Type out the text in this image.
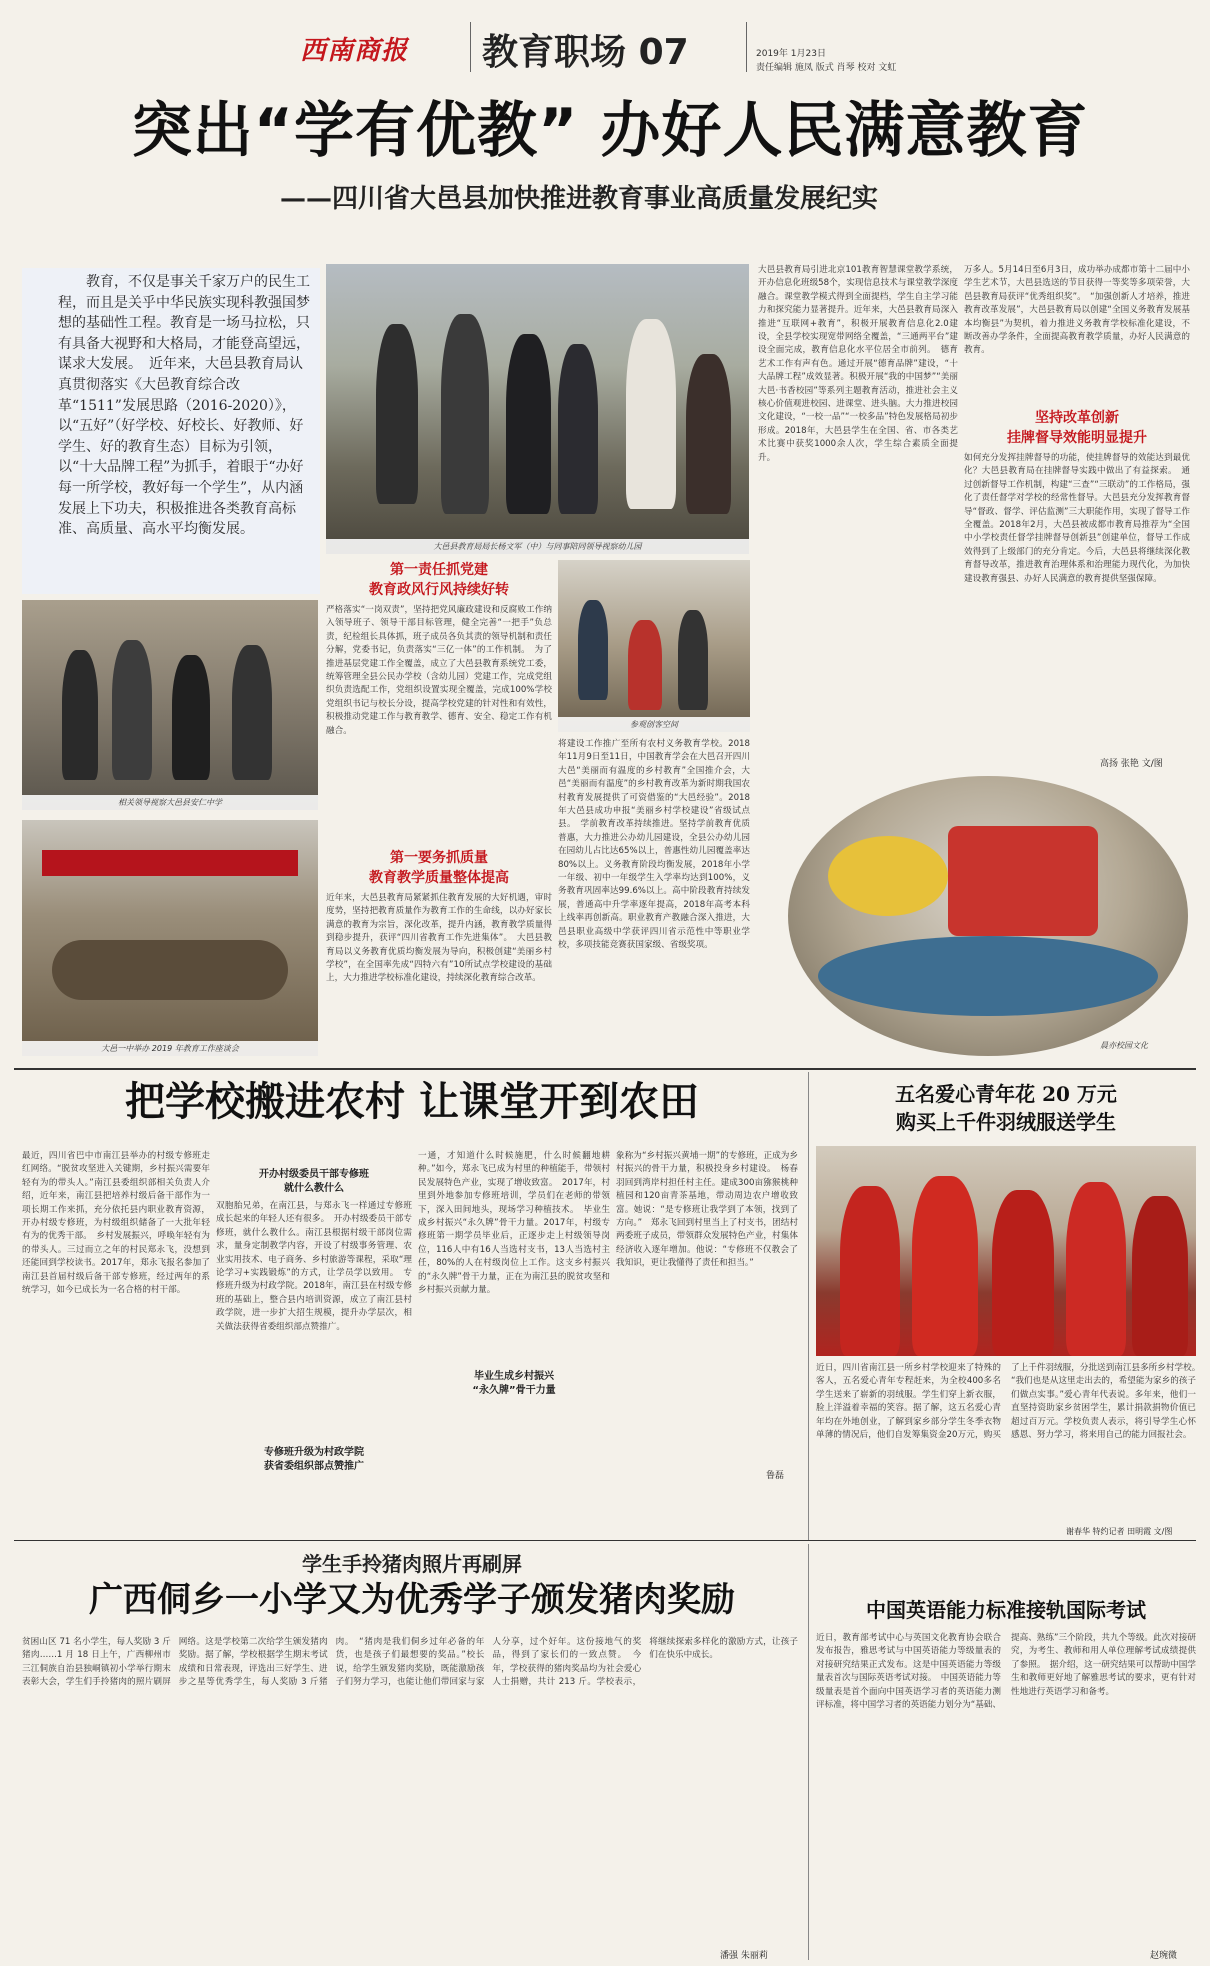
西南商报 教育职场 07	2019年 1月23日
责任编辑 施凤 版式 肖琴 校对 文虹
突出“学有优教” 办好人民满意教育
——四川省大邑县加快推进教育事业高质量发展纪实
教育，不仅是事关千家万户的民生工程，而且是关乎中华民族实现科教强国梦想的基础性工程。教育是一场马拉松，只有具备大视野和大格局，才能登高望远，谋求大发展。　近年来，大邑县教育局认真贯彻落实《大邑教育综合改革“1511”发展思路（2016-2020）》，以“五好”（好学校、好校长、好教师、好学生、好的教育生态）目标为引领，以“十大品牌工程”为抓手，着眼于“办好每一所学校，教好每一个学生”，从内涵发展上下功夫，积极推进各类教育高标准、高质量、高水平均衡发展。
大邑县教育局局长杨文军（中）与同事陪同领导视察幼儿园
第一责任抓党建
教育政风行风持续好转
严格落实“一岗双责”，坚持把党风廉政建设和反腐败工作纳入领导班子、领导干部目标管理，健全完善“一把手”负总责，纪检组长具体抓，班子成员各负其责的领导机制和责任分解，党委书记，负责落实“三亿一体”的工作机制。　为了推进基层党建工作全覆盖，成立了大邑县教育系统党工委，统筹管理全县公民办学校（含幼儿园）党建工作，完成党组织负责选配工作，党组织设置实现全覆盖，完成100%学校党组织书记与校长分设，提高学校党建的针对性和有效性，积极推动党建工作与教育教学、德育、安全、稳定工作有机融合。
相关领导视察大邑县安仁中学
大邑一中举办 2019 年教育工作座谈会
参观创客空间
第一要务抓质量
教育教学质量整体提高
近年来，大邑县教育局紧紧抓住教育发展的大好机遇，审时度势，坚持把教育质量作为教育工作的生命线，以办好家长满意的教育为宗旨，深化改革，提升内涵，教育教学质量得到稳步提升，获评“四川省教育工作先进集体”。　大邑县教育局以义务教育优质均衡发展为导向，积极创建“美丽乡村学校”，在全国率先成“四特六有”10所试点学校建设的基础上，大力推进学校标准化建设，持续深化教育综合改革。
将建设工作推广至所有农村义务教育学校。2018年11月9日至11日，中国教育学会在大邑召开四川大邑“美丽而有温度的乡村教育”全国推介会，大邑“美丽而有温度”的乡村教育改革为新时期我国农村教育发展提供了可资借鉴的“大邑经验”。2018年大邑县成功申报“美丽乡村学校建设”省级试点县。　学前教育改革持续推进。坚持学前教育优质普惠，大力推进公办幼儿园建设，全县公办幼儿园在园幼儿占比达65%以上，普惠性幼儿园覆盖率达80%以上。义务教育阶段均衡发展，2018年小学一年级、初中一年级学生入学率均达到100%，义务教育巩固率达99.6%以上。高中阶段教育持续发展，普通高中升学率逐年提高，2018年高考本科上线率再创新高。职业教育产教融合深入推进，大邑县职业高级中学获评四川省示范性中等职业学校，多项技能竞赛获国家级、省级奖项。
大邑县教育局引进北京101教育智慧课堂教学系统，开办信息化班级58个，实现信息技术与课堂教学深度融合。课堂教学模式得到全面提档，学生自主学习能力和探究能力显著提升。近年来，大邑县教育局深入推进“互联网+教育”，积极开展教育信息化2.0建设，全县学校实现宽带网络全覆盖，“三通两平台”建设全面完成，教育信息化水平位居全市前列。　德育艺术工作有声有色。通过开展“德育品牌”建设，“十大品牌工程”成效显著。积极开展“我的中国梦”“美丽大邑·书香校园”等系列主题教育活动，推进社会主义核心价值观进校园、进课堂、进头脑。大力推进校园文化建设，“一校一品”“一校多品”特色发展格局初步形成。2018年，大邑县学生在全国、省、市各类艺术比赛中获奖1000余人次，学生综合素质全面提升。
万多人。5月14日至6月3日，成功举办成都市第十二届中小学生艺术节，大邑县选送的节目获得一等奖等多项荣誉，大邑县教育局获评“优秀组织奖”。　“加强创新人才培养，推进教育改革发展”，大邑县教育局以创建“全国义务教育发展基本均衡县”为契机，着力推进义务教育学校标准化建设，不断改善办学条件，全面提高教育教学质量，办好人民满意的教育。
坚持改革创新
挂牌督导效能明显提升
如何充分发挥挂牌督导的功能，使挂牌督导的效能达到最优化？大邑县教育局在挂牌督导实践中做出了有益探索。　通过创新督导工作机制，构建“三查”“三联动”的工作格局，强化了责任督学对学校的经常性督导。大邑县充分发挥教育督导“督政、督学、评估监测”三大职能作用，实现了督导工作全覆盖。2018年2月，大邑县被成都市教育局推荐为“全国中小学校责任督学挂牌督导创新县”创建单位，督导工作成效得到了上级部门的充分肯定。今后，大邑县将继续深化教育督导改革，推进教育治理体系和治理能力现代化，为加快建设教育强县、办好人民满意的教育提供坚强保障。
高扬 张艳 文/图
晨亦校园文化
把学校搬进农村 让课堂开到农田
最近，四川省巴中市南江县举办的村级专修班走红网络。“脱贫攻坚进入关键期，乡村振兴需要年轻有为的带头人。”南江县委组织部相关负责人介绍，近年来，南江县把培养村级后备干部作为一项长期工作来抓，充分依托县内职业教育资源，开办村级专修班，为村级组织储备了一大批年轻有为的优秀干部。　乡村发展振兴，呼唤年轻有为的带头人。三过而立之年的村民郑永飞，没想到还能回到学校读书。2017年，郑永飞报名参加了南江县首届村级后备干部专修班，经过两年的系统学习，如今已成长为一名合格的村干部。
开办村级委员干部专修班
就什么教什么
双胞胎兄弟，在南江县，与郑永飞一样通过专修班成长起来的年轻人还有很多。　开办村级委员干部专修班，就什么教什么。南江县根据村级干部岗位需求，量身定制教学内容，开设了村级事务管理、农业实用技术、电子商务、乡村旅游等课程，采取“理论学习+实践锻炼”的方式，让学员学以致用。　专修班升级为村政学院。2018年，南江县在村级专修班的基础上，整合县内培训资源，成立了南江县村政学院，进一步扩大招生规模，提升办学层次，相关做法获得省委组织部点赞推广。
专修班升级为村政学院
获省委组织部点赞推广
一通，才知道什么时候施肥，什么时候翻地耕种。”如今，郑永飞已成为村里的种植能手，带领村民发展特色产业，实现了增收致富。　2017年，村里到外地参加专修班培训，学员们在老师的带领下，深入田间地头，现场学习种植技术。　毕业生成乡村振兴“永久牌”骨干力量。2017年，村级专修班第一期学员毕业后，正逐步走上村级领导岗位，116人中有16人当选村支书，13人当选村主任，80%的人在村级岗位上工作。这支乡村振兴的“永久牌”骨干力量，正在为南江县的脱贫攻坚和乡村振兴贡献力量。
毕业生成乡村振兴
“永久牌”骨干力量
象称为“乡村振兴黄埔一期”的专修班，正成为乡村振兴的骨干力量，积极投身乡村建设。　杨春羽回到湾岸村担任村主任。建成300亩猕猴桃种植园和120亩青茶基地，带动周边农户增收致富。她说：“是专修班让我学到了本领，找到了方向。”　郑永飞回到村里当上了村支书，团结村两委班子成员，带领群众发展特色产业，村集体经济收入逐年增加。他说：“专修班不仅教会了我知识，更让我懂得了责任和担当。”
鲁磊
五名爱心青年花 20 万元
购买上千件羽绒服送学生
近日，四川省南江县一所乡村学校迎来了特殊的客人，五名爱心青年专程赶来，为全校400多名学生送来了崭新的羽绒服。学生们穿上新衣服，脸上洋溢着幸福的笑容。据了解，这五名爱心青年均在外地创业，了解到家乡部分学生冬季衣物单薄的情况后，他们自发筹集资金20万元，购买了上千件羽绒服，分批送到南江县多所乡村学校。　“我们也是从这里走出去的，希望能为家乡的孩子们做点实事。”爱心青年代表说。多年来，他们一直坚持资助家乡贫困学生，累计捐款捐物价值已超过百万元。学校负责人表示，将引导学生心怀感恩、努力学习，将来用自己的能力回报社会。
谢春华 特约记者 田明霞 文/图
学生手拎猪肉照片再刷屏
广西侗乡一小学又为优秀学子颁发猪肉奖励
贫困山区 71 名小学生，每人奖励 3 斤猪肉……1 月 18 日上午，广西柳州市三江侗族自治县独峒镇初小学举行期末表彰大会，学生们手拎猪肉的照片刷屏网络。这是学校第二次给学生颁发猪肉奖励。据了解，学校根据学生期末考试成绩和日常表现，评选出三好学生、进步之星等优秀学生，每人奖励 3 斤猪肉。　“猪肉是我们侗乡过年必备的年货，也是孩子们最想要的奖品。”校长说，给学生颁发猪肉奖励，既能激励孩子们努力学习，也能让他们带回家与家人分享，过个好年。这份接地气的奖品，得到了家长们的一致点赞。　今年，学校获得的猪肉奖品均为社会爱心人士捐赠，共计 213 斤。学校表示，将继续探索多样化的激励方式，让孩子们在快乐中成长。
潘强 朱丽莉
中国英语能力标准接轨国际考试
近日，教育部考试中心与英国文化教育协会联合发布报告，雅思考试与中国英语能力等级量表的对接研究结果正式发布。这是中国英语能力等级量表首次与国际英语考试对接。　中国英语能力等级量表是首个面向中国英语学习者的英语能力测评标准，将中国学习者的英语能力划分为“基础、提高、熟练”三个阶段，共九个等级。此次对接研究，为考生、教师和用人单位理解考试成绩提供了参照。　据介绍，这一研究结果可以帮助中国学生和教师更好地了解雅思考试的要求，更有针对性地进行英语学习和备考。
赵琬微
